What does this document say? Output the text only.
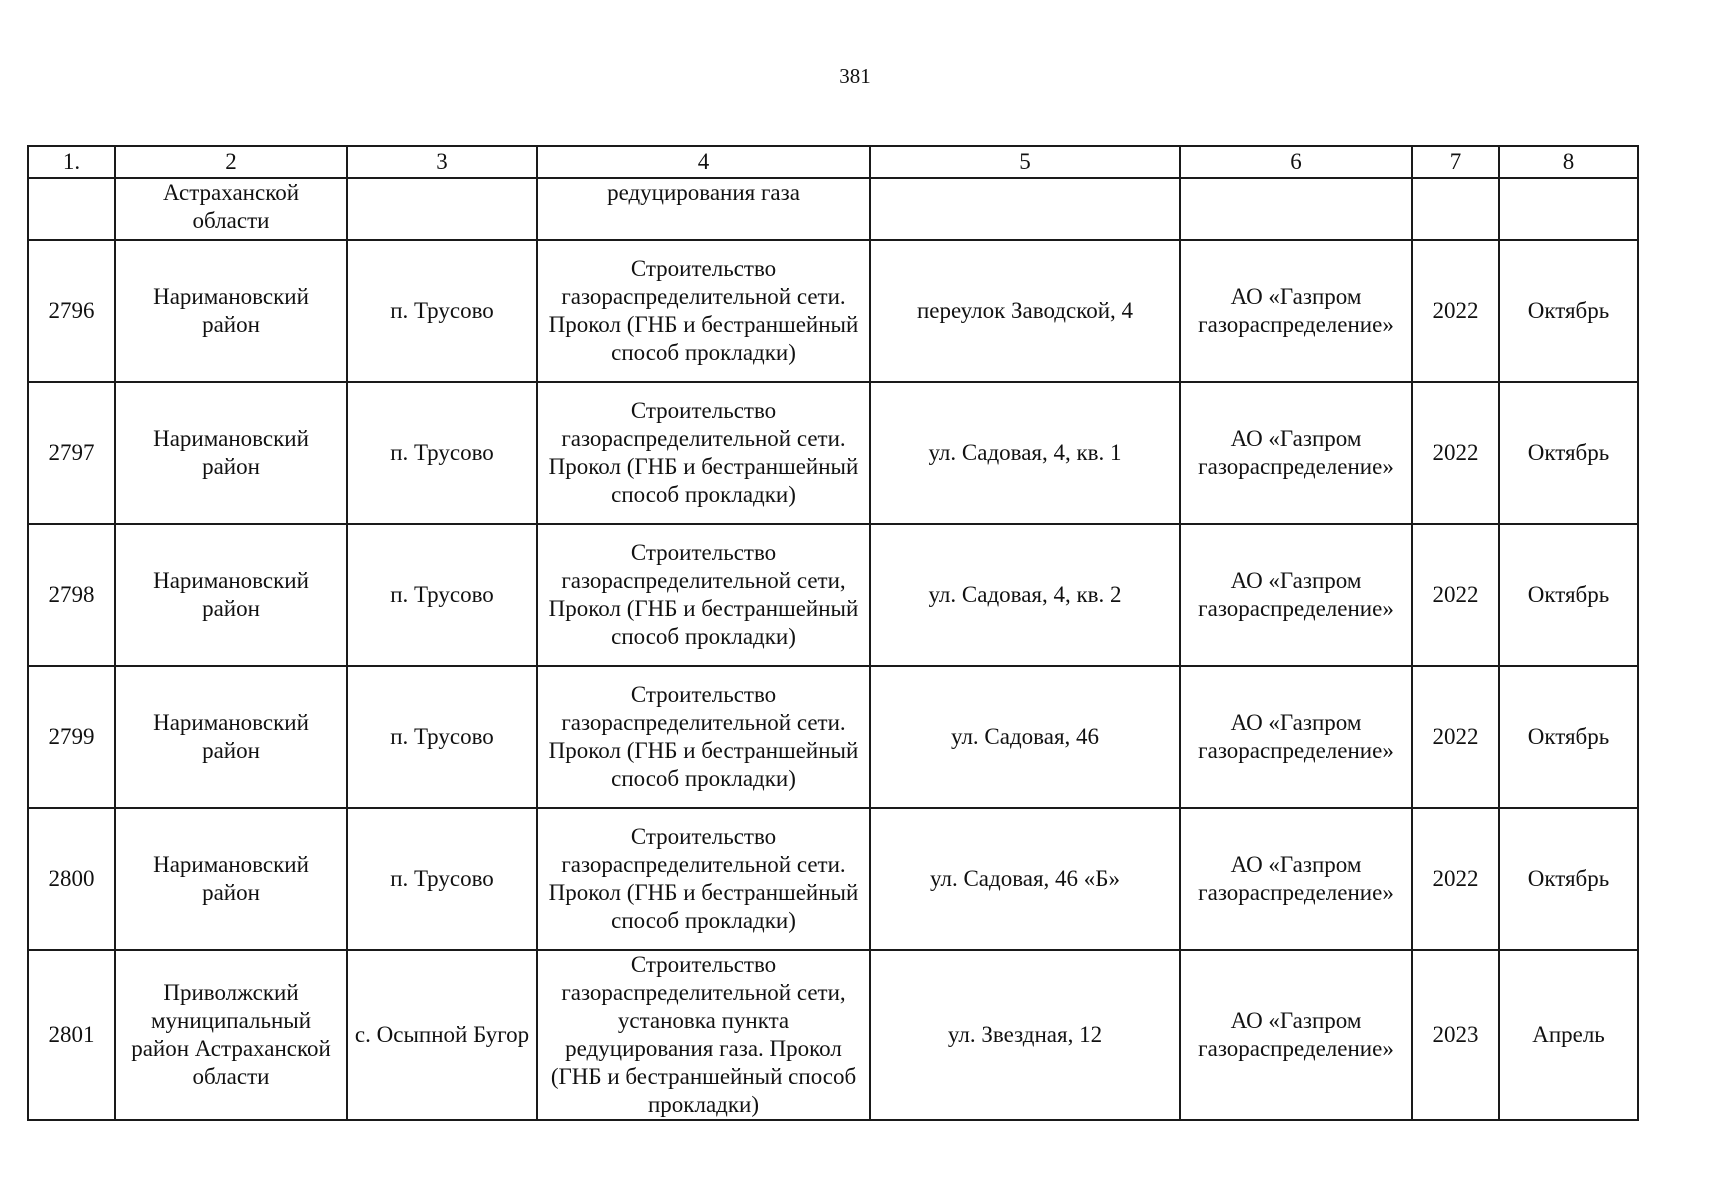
381
1.	2	3	4	5	6	7	8
	Астраханской области		редуцирования газа				
2796	Наримановский район	п. Трусово	Строительство газораспределительной сети. Прокол (ГНБ и бестраншейный способ прокладки)	переулок Заводской, 4	АО «Газпром газораспределение»	2022	Октябрь
2797	Наримановский район	п. Трусово	Строительство газораспределительной сети. Прокол (ГНБ и бестраншейный способ прокладки)	ул. Садовая, 4, кв. 1	АО «Газпром газораспределение»	2022	Октябрь
2798	Наримановский район	п. Трусово	Строительство газораспределительной сети, Прокол (ГНБ и бестраншейный способ прокладки)	ул. Садовая, 4, кв. 2	АО «Газпром газораспределение»	2022	Октябрь
2799	Наримановский район	п. Трусово	Строительство газораспределительной сети. Прокол (ГНБ и бестраншейный способ прокладки)	ул. Садовая, 46	АО «Газпром газораспределение»	2022	Октябрь
2800	Наримановский район	п. Трусово	Строительство газораспределительной сети. Прокол (ГНБ и бестраншейный способ прокладки)	ул. Садовая, 46 «Б»	АО «Газпром газораспределение»	2022	Октябрь
2801	Приволжский муниципальный район Астраханской области	с. Осыпной Бугор	Строительство газораспределительной сети, установка пункта редуцирования газа. Прокол (ГНБ и бестраншейный способ прокладки)	ул. Звездная, 12	АО «Газпром газораспределение»	2023	Апрель
